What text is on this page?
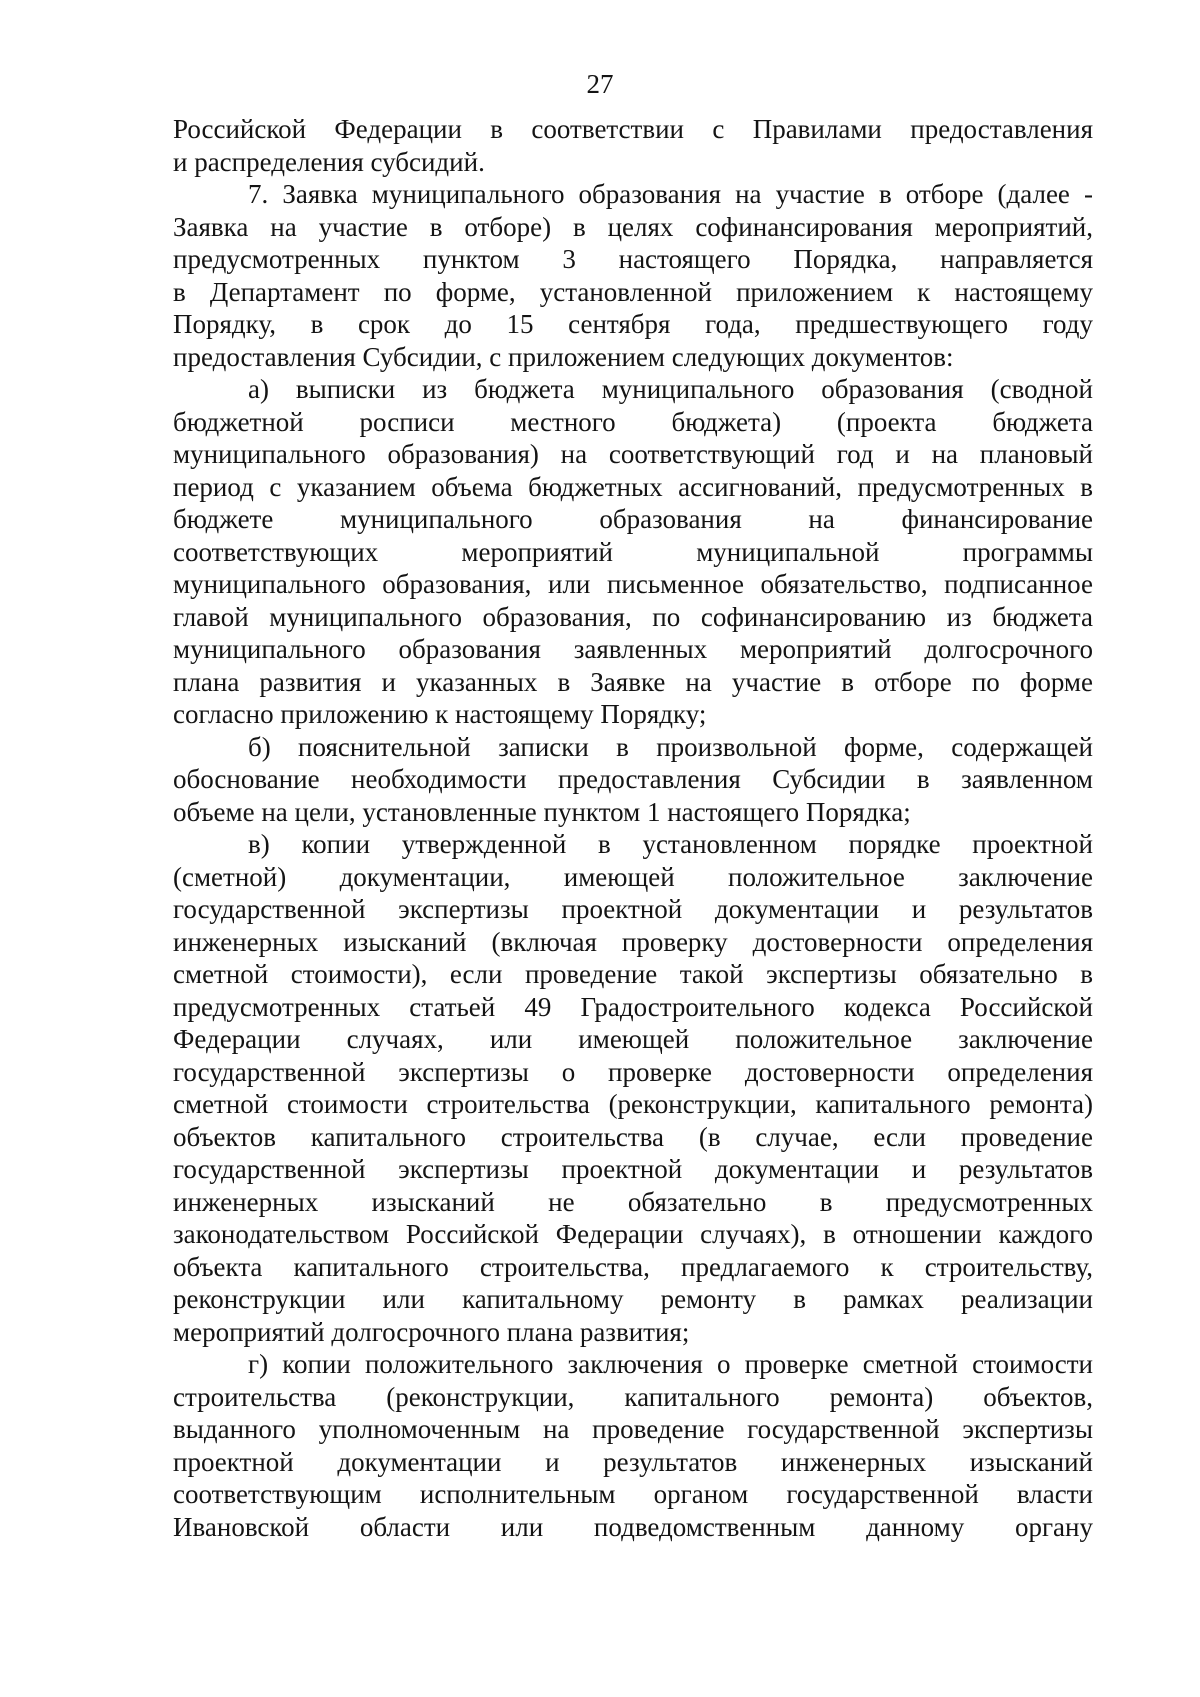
27
Российской Федерации в соответствии с Правилами предоставления
и распределения субсидий.
7. Заявка муниципального образования на участие в отборе (далее -
Заявка на участие в отборе) в целях софинансирования мероприятий,
предусмотренных пунктом 3 настоящего Порядка, направляется
в Департамент по форме, установленной приложением к настоящему
Порядку, в срок до 15 сентября года, предшествующего году
предоставления Субсидии, с приложением следующих документов:
а) выписки из бюджета муниципального образования (сводной
бюджетной росписи местного бюджета) (проекта бюджета
муниципального образования) на соответствующий год и на плановый
период с указанием объема бюджетных ассигнований, предусмотренных в
бюджете муниципального образования на финансирование
соответствующих мероприятий муниципальной программы
муниципального образования, или письменное обязательство, подписанное
главой муниципального образования, по софинансированию из бюджета
муниципального образования заявленных мероприятий долгосрочного
плана развития и указанных в Заявке на участие в отборе по форме
согласно приложению к настоящему Порядку;
б) пояснительной записки в произвольной форме, содержащей
обоснование необходимости предоставления Субсидии в заявленном
объеме на цели, установленные пунктом 1 настоящего Порядка;
в) копии утвержденной в установленном порядке проектной
(сметной) документации, имеющей положительное заключение
государственной экспертизы проектной документации и результатов
инженерных изысканий (включая проверку достоверности определения
сметной стоимости), если проведение такой экспертизы обязательно в
предусмотренных статьей 49 Градостроительного кодекса Российской
Федерации случаях, или имеющей положительное заключение
государственной экспертизы о проверке достоверности определения
сметной стоимости строительства (реконструкции, капитального ремонта)
объектов капитального строительства (в случае, если проведение
государственной экспертизы проектной документации и результатов
инженерных изысканий не обязательно в предусмотренных
законодательством Российской Федерации случаях), в отношении каждого
объекта капитального строительства, предлагаемого к строительству,
реконструкции или капитальному ремонту в рамках реализации
мероприятий долгосрочного плана развития;
г) копии положительного заключения о проверке сметной стоимости
строительства (реконструкции, капитального ремонта) объектов,
выданного уполномоченным на проведение государственной экспертизы
проектной документации и результатов инженерных изысканий
соответствующим исполнительным органом государственной власти
Ивановской области или подведомственным данному органу
